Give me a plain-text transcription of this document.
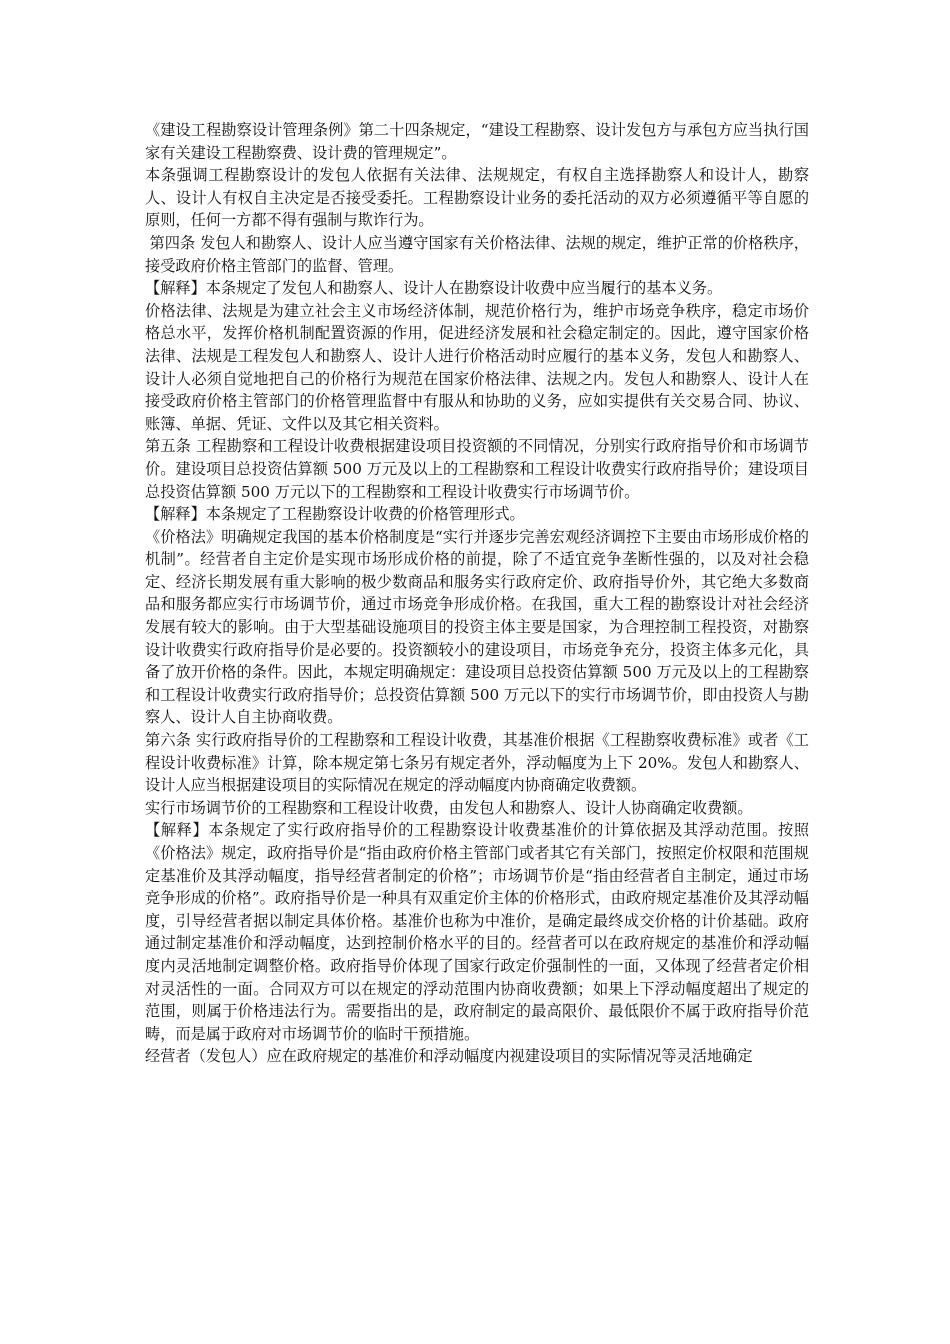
《建设工程勘察设计管理条例》第二十四条规定，“建设工程勘察、设计发包方与承包方应当执行国家有关建设工程勘察费、设计费的管理规定”。

本条强调工程勘察设计的发包人依据有关法律、法规规定，有权自主选择勘察人和设计人，勘察人、设计人有权自主决定是否接受委托。工程勘察设计业务的委托活动的双方必须遵循平等自愿的原则，任何一方都不得有强制与欺诈行为。

第四条 发包人和勘察人、设计人应当遵守国家有关价格法律、法规的规定，维护正常的价格秩序，接受政府价格主管部门的监督、管理。

【解释】本条规定了发包人和勘察人、设计人在勘察设计收费中应当履行的基本义务。

价格法律、法规是为建立社会主义市场经济体制，规范价格行为，维护市场竞争秩序，稳定市场价格总水平，发挥价格机制配置资源的作用，促进经济发展和社会稳定制定的。因此，遵守国家价格法律、法规是工程发包人和勘察人、设计人进行价格活动时应履行的基本义务，发包人和勘察人、设计人必须自觉地把自己的价格行为规范在国家价格法律、法规之内。发包人和勘察人、设计人在接受政府价格主管部门的价格管理监督中有服从和协助的义务，应如实提供有关交易合同、协议、账簿、单据、凭证、文件以及其它相关资料。

第五条 工程勘察和工程设计收费根据建设项目投资额的不同情况，分别实行政府指导价和市场调节价。建设项目总投资估算额 500 万元及以上的工程勘察和工程设计收费实行政府指导价；建设项目总投资估算额 500 万元以下的工程勘察和工程设计收费实行市场调节价。

【解释】本条规定了工程勘察设计收费的价格管理形式。

《价格法》明确规定我国的基本价格制度是“实行并逐步完善宏观经济调控下主要由市场形成价格的机制”。经营者自主定价是实现市场形成价格的前提，除了不适宜竞争垄断性强的，以及对社会稳定、经济长期发展有重大影响的极少数商品和服务实行政府定价、政府指导价外，其它绝大多数商品和服务都应实行市场调节价，通过市场竞争形成价格。在我国，重大工程的勘察设计对社会经济发展有较大的影响。由于大型基础设施项目的投资主体主要是国家，为合理控制工程投资，对勘察设计收费实行政府指导价是必要的。投资额较小的建设项目，市场竞争充分，投资主体多元化，具备了放开价格的条件。因此，本规定明确规定：建设项目总投资估算额 500 万元及以上的工程勘察和工程设计收费实行政府指导价；总投资估算额 500 万元以下的实行市场调节价，即由投资人与勘察人、设计人自主协商收费。

第六条 实行政府指导价的工程勘察和工程设计收费，其基准价根据《工程勘察收费标准》或者《工程设计收费标准》计算，除本规定第七条另有规定者外，浮动幅度为上下 20%。发包人和勘察人、设计人应当根据建设项目的实际情况在规定的浮动幅度内协商确定收费额。

实行市场调节价的工程勘察和工程设计收费，由发包人和勘察人、设计人协商确定收费额。

【解释】本条规定了实行政府指导价的工程勘察设计收费基准价的计算依据及其浮动范围。按照《价格法》规定，政府指导价是“指由政府价格主管部门或者其它有关部门，按照定价权限和范围规定基准价及其浮动幅度，指导经营者制定的价格”；市场调节价是“指由经营者自主制定，通过市场竞争形成的价格”。政府指导价是一种具有双重定价主体的价格形式，由政府规定基准价及其浮动幅度，引导经营者据以制定具体价格。基准价也称为中准价，是确定最终成交价格的计价基础。政府通过制定基准价和浮动幅度，达到控制价格水平的目的。经营者可以在政府规定的基准价和浮动幅度内灵活地制定调整价格。政府指导价体现了国家行政定价强制性的一面，又体现了经营者定价相对灵活性的一面。合同双方可以在规定的浮动范围内协商收费额；如果上下浮动幅度超出了规定的范围，则属于价格违法行为。需要指出的是，政府制定的最高限价、最低限价不属于政府指导价范畴，而是属于政府对市场调节价的临时干预措施。

经营者（发包人）应在政府规定的基准价和浮动幅度内视建设项目的实际情况等灵活地确定
